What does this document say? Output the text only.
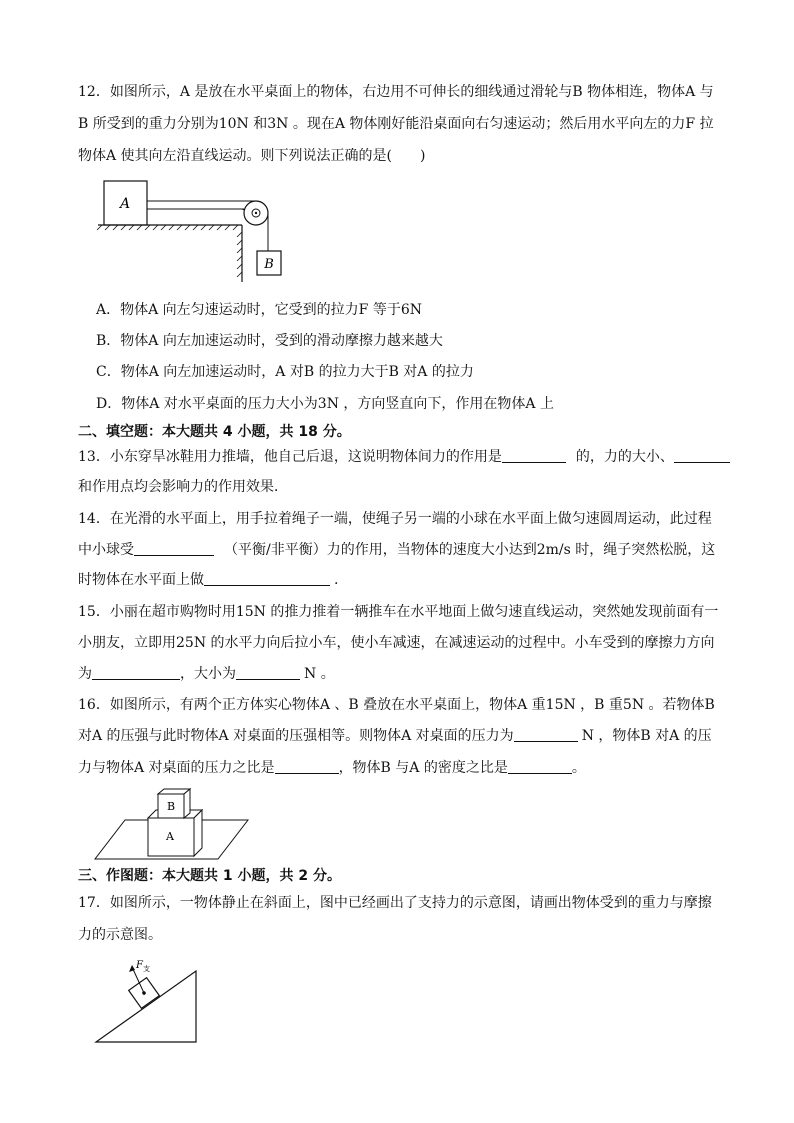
12．如图所示，A 是放在水平桌面上的物体，右边用不可伸长的细线通过滑轮与B 物体相连，物体A 与
B 所受到的重力分别为10N 和3N 。现在A 物体刚好能沿桌面向右匀速运动；然后用水平向左的力F 拉
物体A 使其向左沿直线运动。则下列说法正确的是(　　)
A
B
A．物体A 向左匀速运动时，它受到的拉力F 等于6N
B．物体A 向左加速运动时，受到的滑动摩擦力越来越大
C．物体A 向左加速运动时，A 对B 的拉力大于B 对A 的拉力
D．物体A 对水平桌面的压力大小为3N ，方向竖直向下，作用在物体A 上
二、填空题：本大题共 4 小题，共 18 分。
13．小东穿旱冰鞋用力推墙，他自己后退，这说明物体间力的作用是	的，力的大小、
和作用点均会影响力的作用效果．
14．在光滑的水平面上，用手拉着绳子一端，使绳子另一端的小球在水平面上做匀速圆周运动，此过程
中小球受	（平衡/非平衡）力的作用，当物体的速度大小达到2m/s 时，绳子突然松脱，这
时物体在水平面上做	.
15．小丽在超市购物时用15N 的推力推着一辆推车在水平地面上做匀速直线运动，突然她发现前面有一
小朋友，立即用25N 的水平力向后拉小车，使小车减速，在减速运动的过程中。小车受到的摩擦力方向
为	，大小为	N 。
16．如图所示，有两个正方体实心物体A 、B 叠放在水平桌面上，物体A 重15N ，B 重5N 。若物体B
对A 的压强与此时物体A 对桌面的压强相等。则物体A 对桌面的压力为	N ，物体B 对A 的压
力与物体A 对桌面的压力之比是	，物体B 与A 的密度之比是	。
A
B
三、作图题：本大题共 1 小题，共 2 分。
17．如图所示，一物体静止在斜面上，图中已经画出了支持力的示意图，请画出物体受到的重力与摩擦
力的示意图。
F 支
